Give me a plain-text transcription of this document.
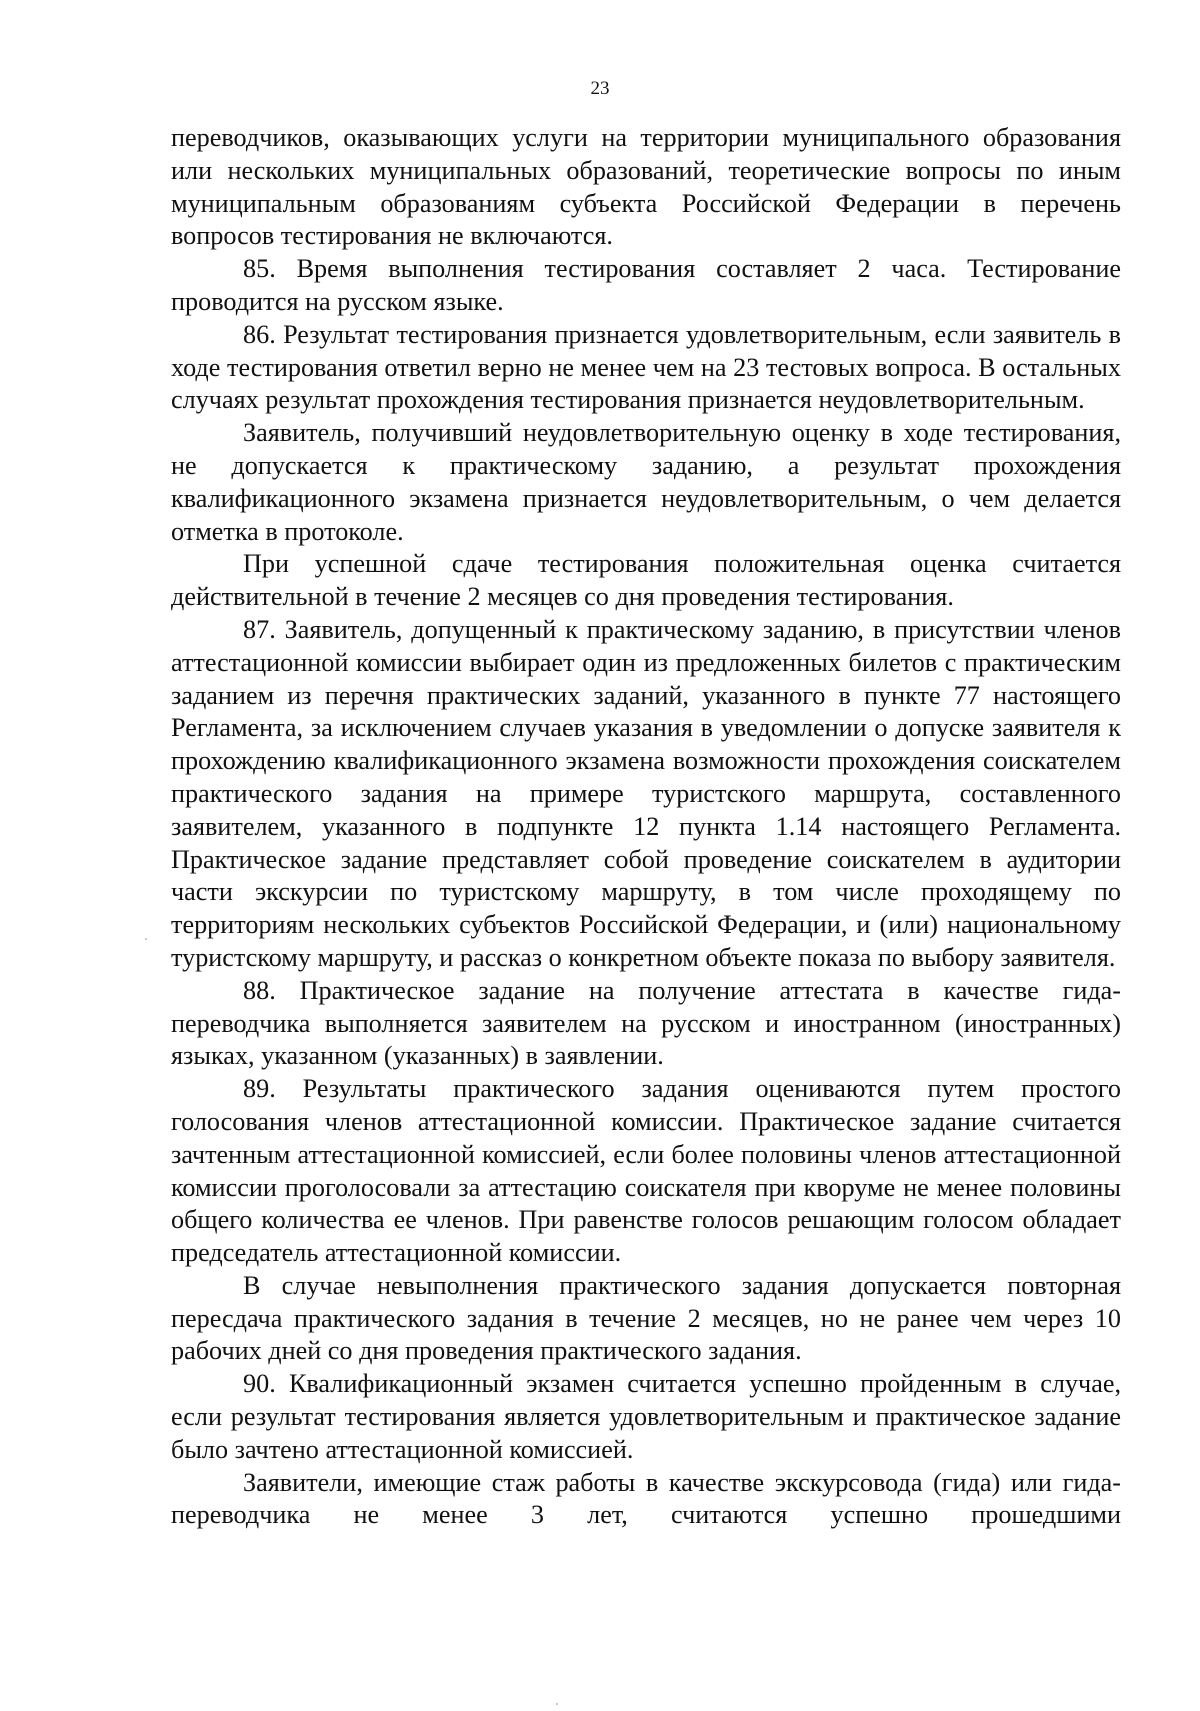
23

переводчиков, оказывающих услуги на территории муниципального образования или нескольких муниципальных образований, теоретические вопросы по иным муниципальным образованиям субъекта Российской Федерации в перечень вопросов тестирования не включаются.

85. Время выполнения тестирования составляет 2 часа. Тестирование проводится на русском языке.

86. Результат тестирования признается удовлетворительным, если заявитель в ходе тестирования ответил верно не менее чем на 23 тестовых вопроса. В остальных случаях результат прохождения тестирования признается неудовлетворительным.

Заявитель, получивший неудовлетворительную оценку в ходе тестирования, не допускается к практическому заданию, а результат прохождения квалификационного экзамена признается неудовлетворительным, о чем делается отметка в протоколе.

При успешной сдаче тестирования положительная оценка считается действительной в течение 2 месяцев со дня проведения тестирования.

87. Заявитель, допущенный к практическому заданию, в присутствии членов аттестационной комиссии выбирает один из предложенных билетов с практическим заданием из перечня практических заданий, указанного в пункте 77 настоящего Регламента, за исключением случаев указания в уведомлении о допуске заявителя к прохождению квалификационного экзамена возможности прохождения соискателем практического задания на примере туристского маршрута, составленного заявителем, указанного в подпункте 12 пункта 1.14 настоящего Регламента. Практическое задание представляет собой проведение соискателем в аудитории части экскурсии по туристскому маршруту, в том числе проходящему по территориям нескольких субъектов Российской Федерации, и (или) национальному туристскому маршруту, и рассказ о конкретном объекте показа по выбору заявителя.

88. Практическое задание на получение аттестата в качестве гида-переводчика выполняется заявителем на русском и иностранном (иностранных) языках, указанном (указанных) в заявлении.

89. Результаты практического задания оцениваются путем простого голосования членов аттестационной комиссии. Практическое задание считается зачтенным аттестационной комиссией, если более половины членов аттестационной комиссии проголосовали за аттестацию соискателя при кворуме не менее половины общего количества ее членов. При равенстве голосов решающим голосом обладает председатель аттестационной комиссии.

В случае невыполнения практического задания допускается повторная пересдача практического задания в течение 2 месяцев, но не ранее чем через 10 рабочих дней со дня проведения практического задания.

90. Квалификационный экзамен считается успешно пройденным в случае, если результат тестирования является удовлетворительным и практическое задание было зачтено аттестационной комиссией.

Заявители, имеющие стаж работы в качестве экскурсовода (гида) или гида-переводчика не менее 3 лет, считаются успешно прошедшими
